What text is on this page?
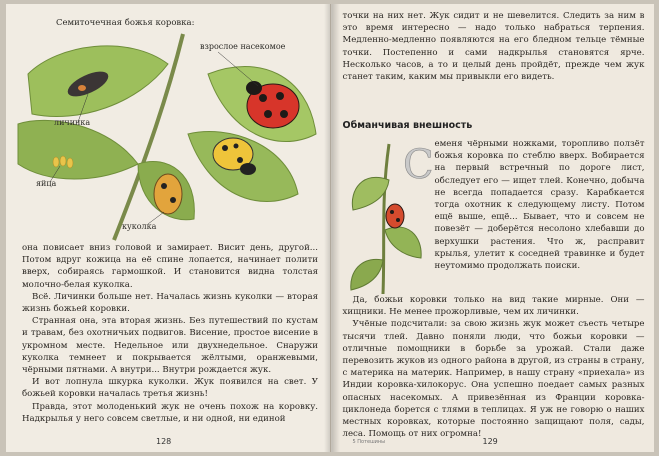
Семиточечная божья коровка:
взрослое насекомое
личинка
яйца
куколка

она повисает вниз головой и замирает. Висит день, другой... Потом вдруг кожица на её спине лопается, начинает полити вверх, собираясь гармошкой. И становится видна толстая молочно-белая куколка.

Всё. Личинки больше нет. Началась жизнь куколки — вторая жизнь божьей коровки.

Странная она, эта вторая жизнь. Без путешествий по кустам и травам, без охотничьих подвигов. Висение, простое висение в укромном месте. Недельное или двухнедельное. Снаружи куколка темнеет и покрывается жёлтыми, оранжевыми, чёрными пятнами. А внутри... Внутри рождается жук.

И вот лопнула шкурка куколки. Жук появился на свет. У божьей коровки началась третья жизнь!

Правда, этот молоденький жук не очень похож на коровку. Надкрылья у него совсем светлые, и ни одной, ни единой

128

точки на них нет. Жук сидит и не шевелится. Следить за ним в это время интересно — надо только набраться терпения. Медленно-медленно появляются на его бледном тельце тёмные точки. Постепенно и сами надкрылья становятся ярче. Несколько часов, а то и целый день пройдёт, прежде чем жук станет таким, каким мы привыкли его видеть.

Обманчивая внешность
С еменя чёрными ножками, торопливо ползёт божья коровка по стеблю вверх. Вобирается на первый встречный по дороге лист, обследует его — ищет тлей. Конечно, добыча не всегда попадается сразу. Карабкается тогда охотник к следующему листу. Потом ещё выше, ещё... Бывает, что и совсем не повезёт — доберётся несолоно хлебавши до верхушки растения. Что ж, расправит крылья, улетит к соседней травинке и будет неутомимо продолжать поиски.

Да, божьи коровки только на вид такие мирные. Они — хищники. Не менее прожорливые, чем их личинки.

Учёные подсчитали: за свою жизнь жук может съесть четыре тысячи тлей. Давно поняли люди, что божьи коровки — отличные помощники в борьбе за урожай. Стали даже перевозить жуков из одного района в другой, из страны в страну, с материка на материк. Например, в нашу страну «приехала» из Индии коровка-хилокорус. Она успешно поедает самых разных опасных насекомых. А привезённая из Франции коровка-циклонеда борется с тлями в теплицах. Я уж не говорю о наших местных коровках, которые постоянно защищают поля, сады, леса. Помощь от них огромна!

5 Потешины	129
